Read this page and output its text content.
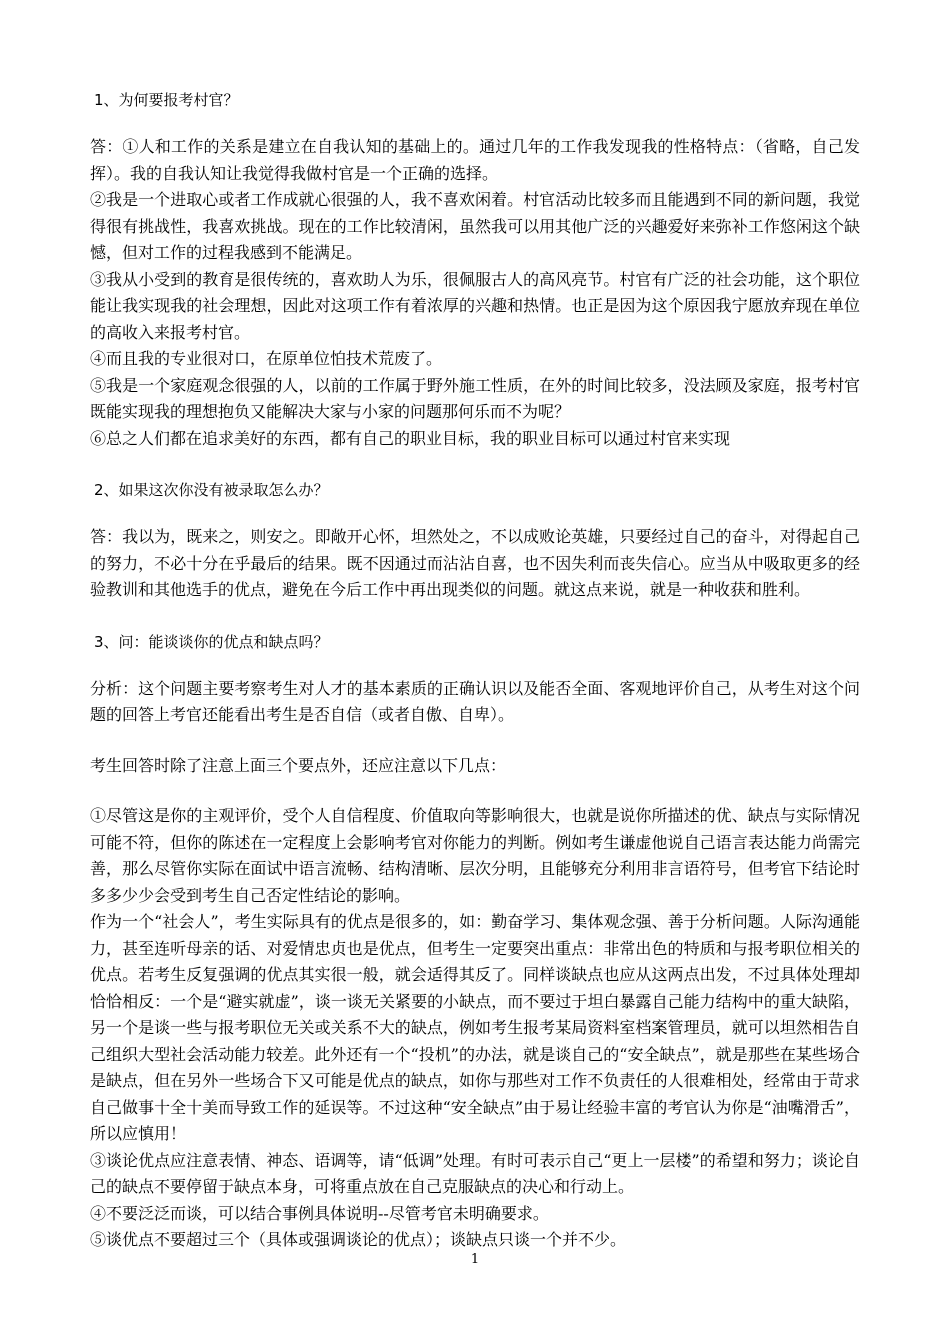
1、为何要报考村官？

答：①人和工作的关系是建立在自我认知的基础上的。通过几年的工作我发现我的性格特点：（省略，自己发挥）。我的自我认知让我觉得我做村官是一个正确的选择。

②我是一个进取心或者工作成就心很强的人，我不喜欢闲着。村官活动比较多而且能遇到不同的新问题，我觉得很有挑战性，我喜欢挑战。现在的工作比较清闲，虽然我可以用其他广泛的兴趣爱好来弥补工作悠闲这个缺憾，但对工作的过程我感到不能满足。

③我从小受到的教育是很传统的，喜欢助人为乐，很佩服古人的高风亮节。村官有广泛的社会功能，这个职位能让我实现我的社会理想，因此对这项工作有着浓厚的兴趣和热情。也正是因为这个原因我宁愿放弃现在单位的高收入来报考村官。

④而且我的专业很对口，在原单位怕技术荒废了。

⑤我是一个家庭观念很强的人，以前的工作属于野外施工性质，在外的时间比较多，没法顾及家庭，报考村官既能实现我的理想抱负又能解决大家与小家的问题那何乐而不为呢？

⑥总之人们都在追求美好的东西，都有自己的职业目标，我的职业目标可以通过村官来实现

2、如果这次你没有被录取怎么办？

答：我以为，既来之，则安之。即敞开心怀，坦然处之，不以成败论英雄，只要经过自己的奋斗，对得起自己的努力，不必十分在乎最后的结果。既不因通过而沾沾自喜，也不因失利而丧失信心。应当从中吸取更多的经验教训和其他选手的优点，避免在今后工作中再出现类似的问题。就这点来说，就是一种收获和胜利。

3、问：能谈谈你的优点和缺点吗？

分析：这个问题主要考察考生对人才的基本素质的正确认识以及能否全面、客观地评价自己，从考生对这个问题的回答上考官还能看出考生是否自信（或者自傲、自卑）。

考生回答时除了注意上面三个要点外，还应注意以下几点：

①尽管这是你的主观评价，受个人自信程度、价值取向等影响很大，也就是说你所描述的优、缺点与实际情况可能不符，但你的陈述在一定程度上会影响考官对你能力的判断。例如考生谦虚他说自己语言表达能力尚需完善，那么尽管你实际在面试中语言流畅、结构清晰、层次分明，且能够充分利用非言语符号，但考官下结论时多多少少会受到考生自己否定性结论的影响。

作为一个“社会人”，考生实际具有的优点是很多的，如：勤奋学习、集体观念强、善于分析问题。人际沟通能力，甚至连听母亲的话、对爱情忠贞也是优点，但考生一定要突出重点：非常出色的特质和与报考职位相关的优点。若考生反复强调的优点其实很一般，就会适得其反了。同样谈缺点也应从这两点出发，不过具体处理却恰恰相反：一个是“避实就虚”，谈一谈无关紧要的小缺点，而不要过于坦白暴露自己能力结构中的重大缺陷，另一个是谈一些与报考职位无关或关系不大的缺点，例如考生报考某局资料室档案管理员，就可以坦然相告自己组织大型社会活动能力较差。此外还有一个“投机”的办法，就是谈自己的“安全缺点”，就是那些在某些场合是缺点，但在另外一些场合下又可能是优点的缺点，如你与那些对工作不负责任的人很难相处，经常由于苛求自己做事十全十美而导致工作的延误等。不过这种“安全缺点”由于易让经验丰富的考官认为你是“油嘴滑舌”，所以应慎用！

③谈论优点应注意表情、神态、语调等，请“低调”处理。有时可表示自己“更上一层楼”的希望和努力；谈论自己的缺点不要停留于缺点本身，可将重点放在自己克服缺点的决心和行动上。

④不要泛泛而谈，可以结合事例具体说明--尽管考官未明确要求。

⑤谈优点不要超过三个（具体或强调谈论的优点）；谈缺点只谈一个并不少。

1
